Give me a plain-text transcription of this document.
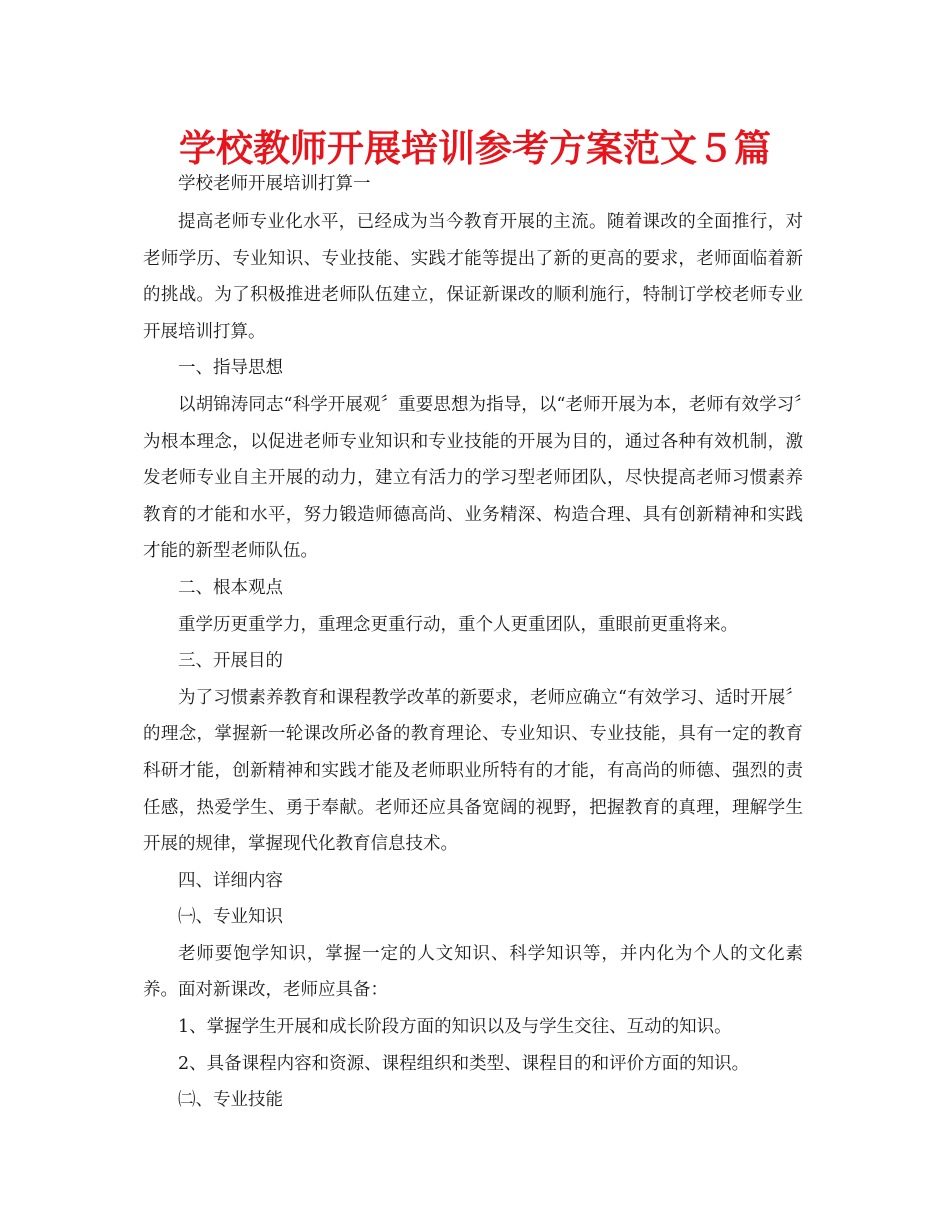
学校教师开展培训参考方案范文５篇

学校老师开展培训打算一

提高老师专业化水平，已经成为当今教育开展的主流。随着课改的全面推行，对老师学历、专业知识、专业技能、实践才能等提出了新的更高的要求，老师面临着新的挑战。为了积极推进老师队伍建立，保证新课改的顺利施行，特制订学校老师专业开展培训打算。

一、指导思想

以胡锦涛同志“科学开展观〞重要思想为指导，以“老师开展为本，老师有效学习〞为根本理念，以促进老师专业知识和专业技能的开展为目的，通过各种有效机制，激发老师专业自主开展的动力，建立有活力的学习型老师团队，尽快提高老师习惯素养教育的才能和水平，努力锻造师德高尚、业务精深、构造合理、具有创新精神和实践才能的新型老师队伍。

二、根本观点

重学历更重学力，重理念更重行动，重个人更重团队，重眼前更重将来。

三、开展目的

为了习惯素养教育和课程教学改革的新要求，老师应确立“有效学习、适时开展〞的理念，掌握新一轮课改所必备的教育理论、专业知识、专业技能，具有一定的教育科研才能，创新精神和实践才能及老师职业所特有的才能，有高尚的师德、强烈的责任感，热爱学生、勇于奉献。老师还应具备宽阔的视野，把握教育的真理，理解学生开展的规律，掌握现代化教育信息技术。

四、详细内容

㈠、专业知识

老师要饱学知识，掌握一定的人文知识、科学知识等，并内化为个人的文化素养。面对新课改，老师应具备：

1、掌握学生开展和成长阶段方面的知识以及与学生交往、互动的知识。

2、具备课程内容和资源、课程组织和类型、课程目的和评价方面的知识。

㈡、专业技能
